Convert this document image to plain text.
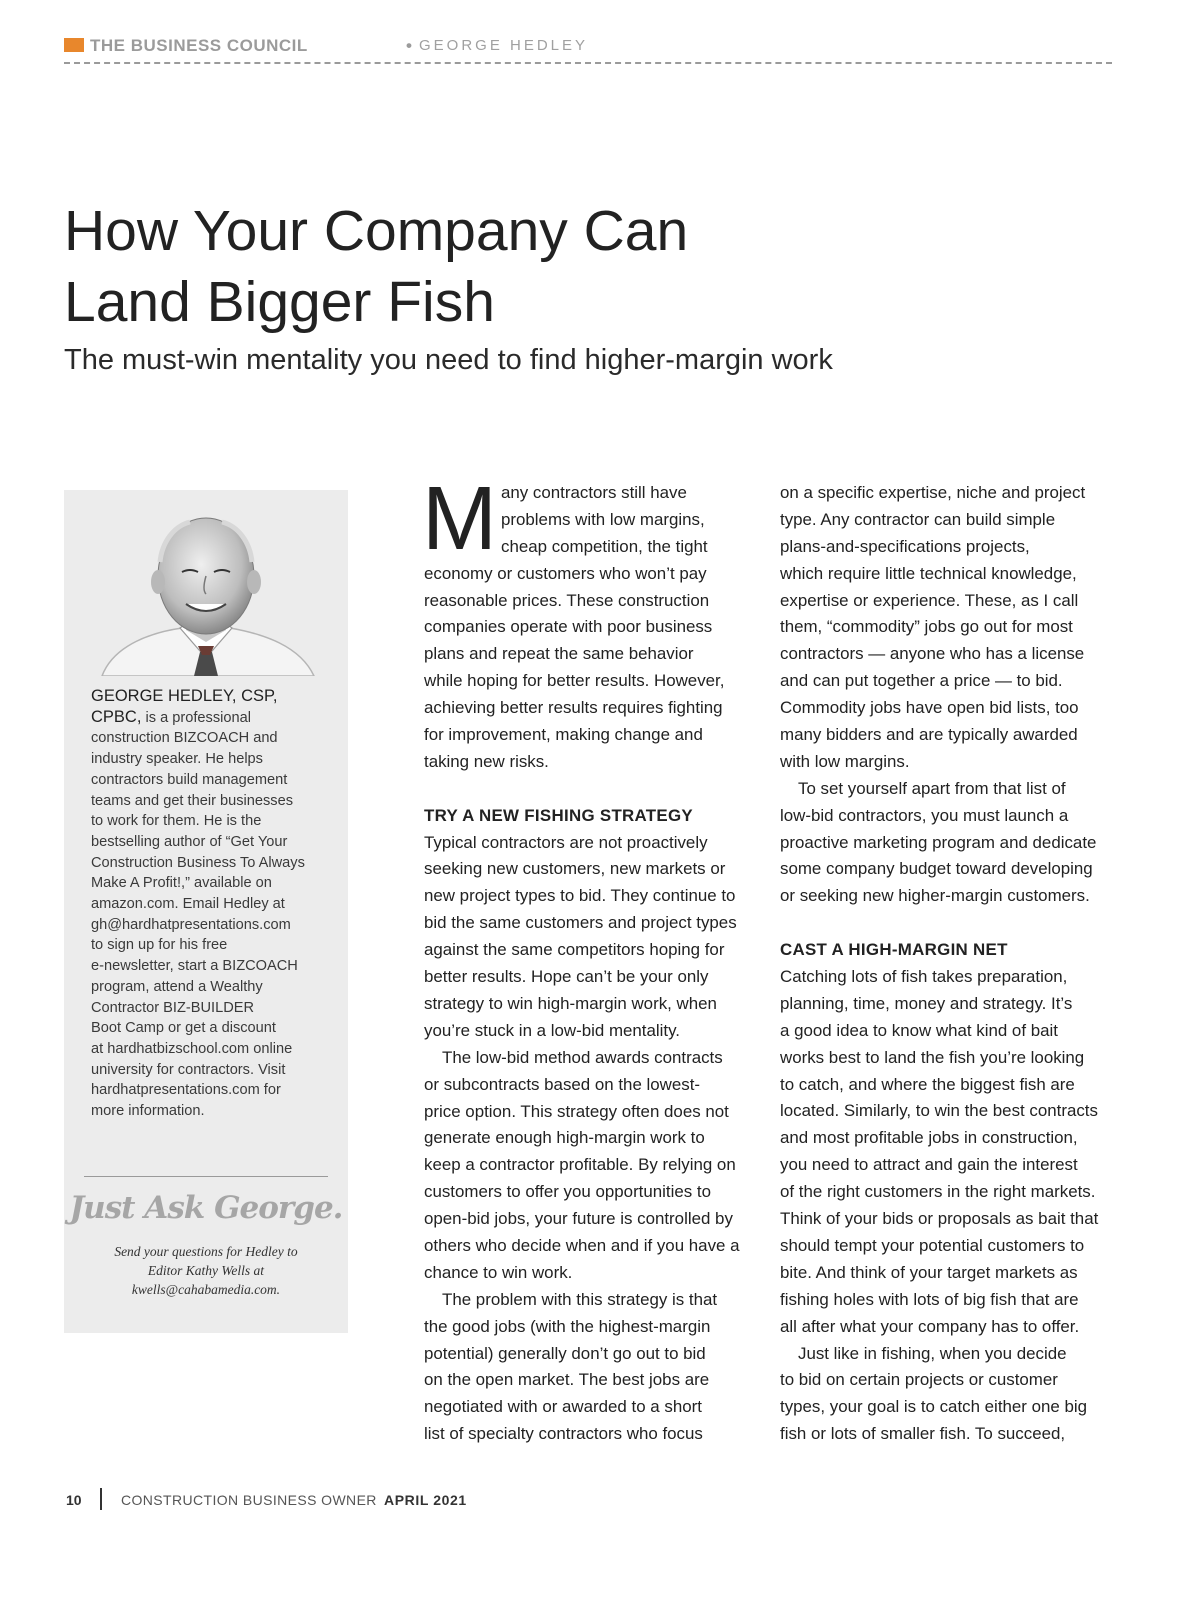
THE BUSINESS COUNCIL	• GEORGE HEDLEY
How Your Company Can
Land Bigger Fish
The must-win mentality you need to find higher-margin work
GEORGE HEDLEY, CSP,
CPBC, is a professional
construction BIZCOACH and
industry speaker. He helps
contractors build management
teams and get their businesses
to work for them. He is the
bestselling author of “Get Your
Construction Business To Always
Make A Profit!,” available on
amazon.com. Email Hedley at
gh@hardhatpresentations.com
to sign up for his free
e-newsletter, start a BIZCOACH
program, attend a Wealthy
Contractor BIZ-BUILDER
Boot Camp or get a discount
at hardhatbizschool.com online
university for contractors. Visit
hardhatpresentations.com for
more information.
Just Ask George.
Send your questions for Hedley to
Editor Kathy Wells at
kwells@cahabamedia.com.
M any contractors still have
problems with low margins,
cheap competition, the tight
economy or customers who won’t pay
reasonable prices. These construction
companies operate with poor business
plans and repeat the same behavior
while hoping for better results. However,
achieving better results requires fighting
for improvement, making change and
taking new risks.
TRY A NEW FISHING STRATEGY
Typical contractors are not proactively
seeking new customers, new markets or
new project types to bid. They continue to
bid the same customers and project types
against the same competitors hoping for
better results. Hope can’t be your only
strategy to win high-margin work, when
you’re stuck in a low-bid mentality.
The low-bid method awards contracts
or subcontracts based on the lowest-
price option. This strategy often does not
generate enough high-margin work to
keep a contractor profitable. By relying on
customers to offer you opportunities to
open-bid jobs, your future is controlled by
others who decide when and if you have a
chance to win work.
The problem with this strategy is that
the good jobs (with the highest-margin
potential) generally don’t go out to bid
on the open market. The best jobs are
negotiated with or awarded to a short
list of specialty contractors who focus
on a specific expertise, niche and project
type. Any contractor can build simple
plans-and-specifications projects,
which require little technical knowledge,
expertise or experience. These, as I call
them, “commodity” jobs go out for most
contractors — anyone who has a license
and can put together a price — to bid.
Commodity jobs have open bid lists, too
many bidders and are typically awarded
with low margins.
To set yourself apart from that list of
low-bid contractors, you must launch a
proactive marketing program and dedicate
some company budget toward developing
or seeking new higher-margin customers.
CAST A HIGH-MARGIN NET
Catching lots of fish takes preparation,
planning, time, money and strategy. It’s
a good idea to know what kind of bait
works best to land the fish you’re looking
to catch, and where the biggest fish are
located. Similarly, to win the best contracts
and most profitable jobs in construction,
you need to attract and gain the interest
of the right customers in the right markets.
Think of your bids or proposals as bait that
should tempt your potential customers to
bite. And think of your target markets as
fishing holes with lots of big fish that are
all after what your company has to offer.
Just like in fishing, when you decide
to bid on certain projects or customer
types, your goal is to catch either one big
fish or lots of smaller fish. To succeed,
10	CONSTRUCTION BUSINESS OWNER APRIL 2021
